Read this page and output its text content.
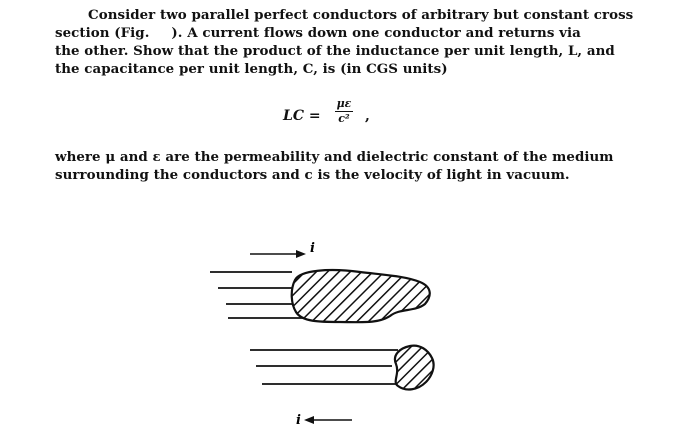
Consider two parallel perfect conductors of arbitrary but constant cross
section (Fig. ). A current flows down one conductor and returns via
the other. Show that the product of the inductance per unit length, L, and
the capacitance per unit length, C, is (in CGS units)
LC =
με
c² ,
where μ and ε are the permeability and dielectric constant of the medium
surrounding the conductors and c is the velocity of light in vacuum.
i
i
